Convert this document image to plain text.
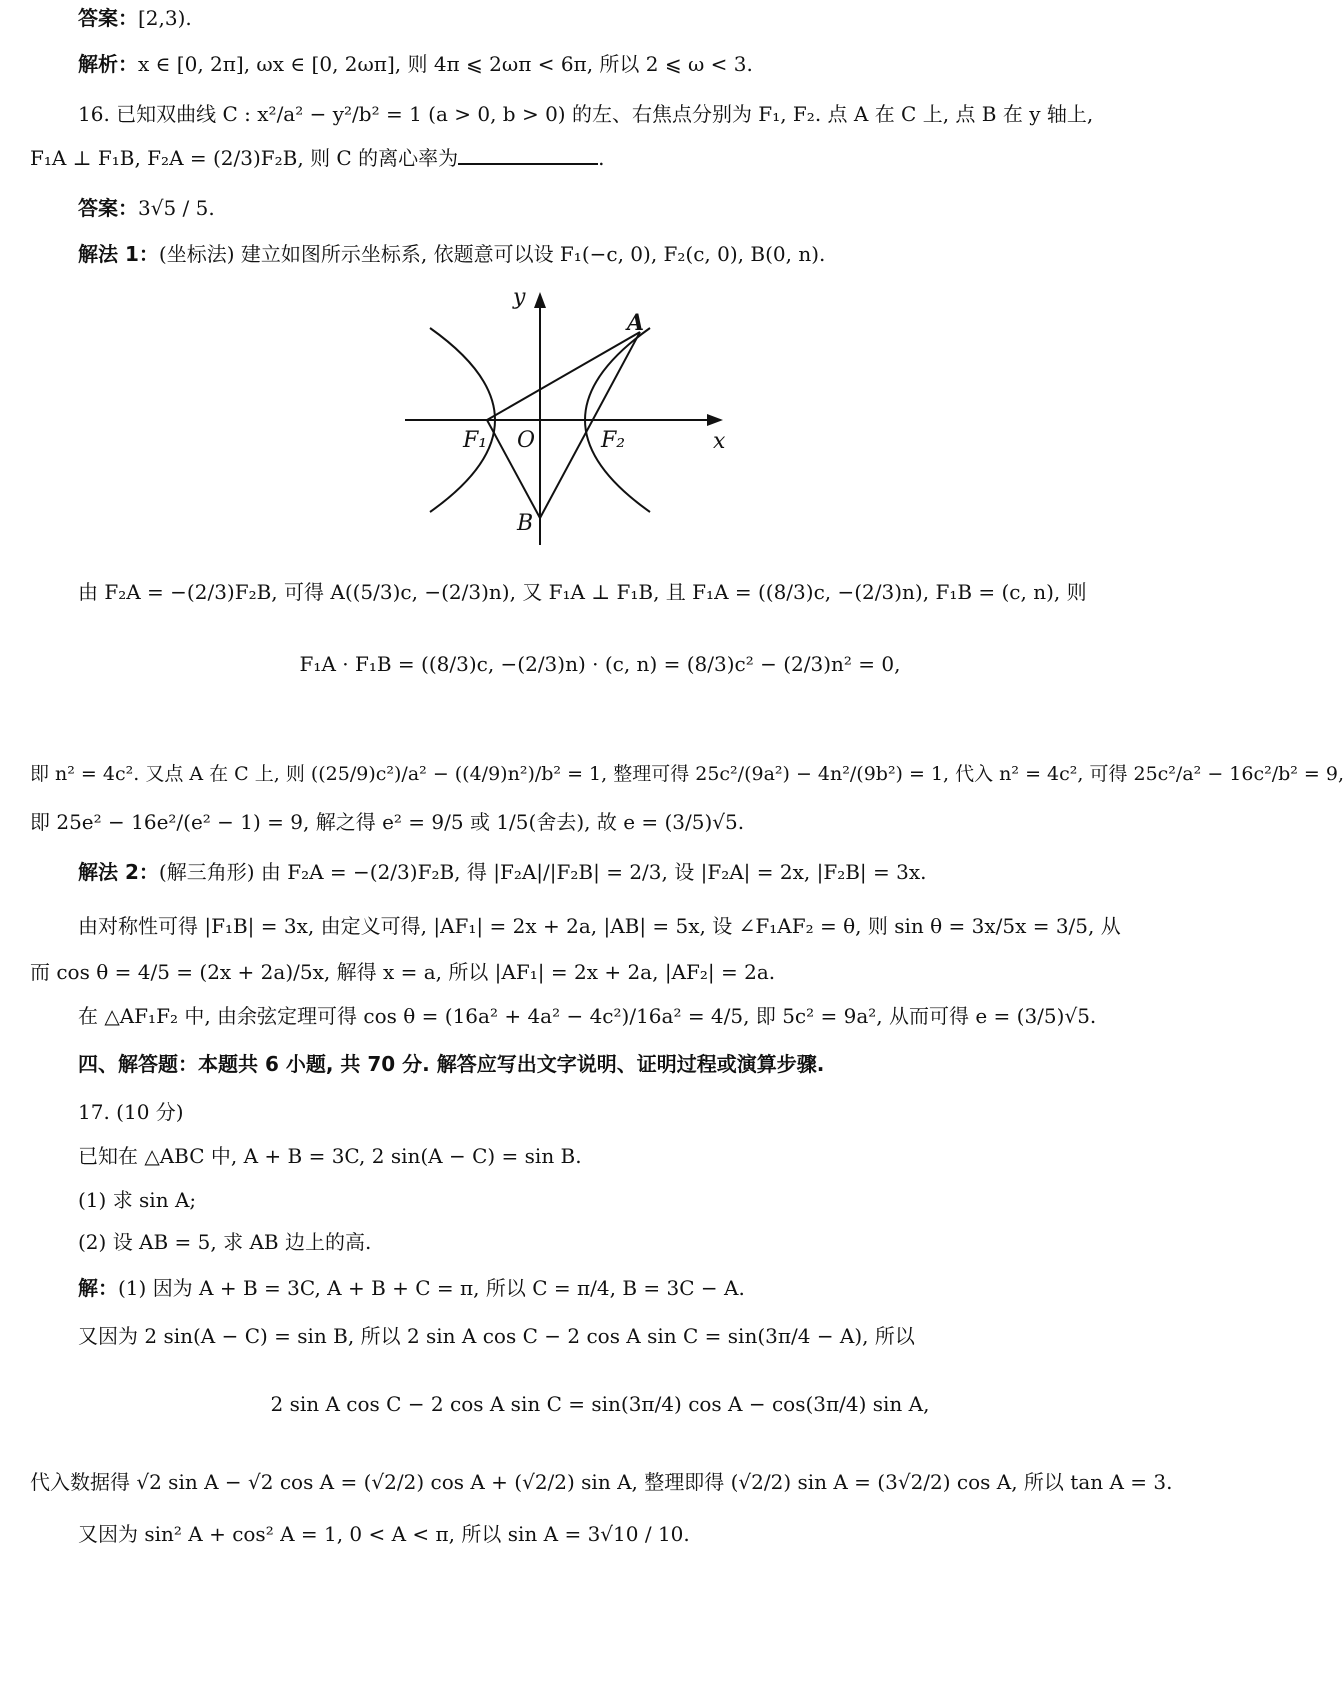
答案：[2,3).
解析：x ∈ [0, 2π], ωx ∈ [0, 2ωπ], 则 4π ⩽ 2ωπ < 6π, 所以 2 ⩽ ω < 3.
16. 已知双曲线 C : x²/a² − y²/b² = 1 (a > 0, b > 0) 的左、右焦点分别为 F₁, F₂. 点 A 在 C 上, 点 B 在 y 轴上,
F₁A ⊥ F₁B, F₂A = (2/3)F₂B, 则 C 的离心率为	.
答案：3√5 / 5.
解法 1：(坐标法) 建立如图所示坐标系, 依题意可以设 F₁(−c, 0), F₂(c, 0), B(0, n).
y
x
A
B
O
F₁	F₂
由 F₂A = −(2/3)F₂B, 可得 A((5/3)c, −(2/3)n), 又 F₁A ⊥ F₁B, 且 F₁A = ((8/3)c, −(2/3)n), F₁B = (c, n), 则
F₁A · F₁B = ((8/3)c, −(2/3)n) · (c, n) = (8/3)c² − (2/3)n² = 0,
即 n² = 4c². 又点 A 在 C 上, 则 ((25/9)c²)/a² − ((4/9)n²)/b² = 1, 整理可得 25c²/(9a²) − 4n²/(9b²) = 1, 代入 n² = 4c², 可得 25c²/a² − 16c²/b² = 9,
即 25e² − 16e²/(e² − 1) = 9, 解之得 e² = 9/5 或 1/5(舍去), 故 e = (3/5)√5.
解法 2：(解三角形) 由 F₂A = −(2/3)F₂B, 得 |F₂A|/|F₂B| = 2/3, 设 |F₂A| = 2x, |F₂B| = 3x.
由对称性可得 |F₁B| = 3x, 由定义可得, |AF₁| = 2x + 2a, |AB| = 5x, 设 ∠F₁AF₂ = θ, 则 sin θ = 3x/5x = 3/5, 从
而 cos θ = 4/5 = (2x + 2a)/5x, 解得 x = a, 所以 |AF₁| = 2x + 2a, |AF₂| = 2a.
在 △AF₁F₂ 中, 由余弦定理可得 cos θ = (16a² + 4a² − 4c²)/16a² = 4/5, 即 5c² = 9a², 从而可得 e = (3/5)√5.
四、解答题：本题共 6 小题, 共 70 分. 解答应写出文字说明、证明过程或演算步骤.
17. (10 分)
已知在 △ABC 中, A + B = 3C, 2 sin(A − C) = sin B.
(1) 求 sin A;
(2) 设 AB = 5, 求 AB 边上的高.
解：(1) 因为 A + B = 3C, A + B + C = π, 所以 C = π/4, B = 3C − A.
又因为 2 sin(A − C) = sin B, 所以 2 sin A cos C − 2 cos A sin C = sin(3π/4 − A), 所以
2 sin A cos C − 2 cos A sin C = sin(3π/4) cos A − cos(3π/4) sin A,
代入数据得 √2 sin A − √2 cos A = (√2/2) cos A + (√2/2) sin A, 整理即得 (√2/2) sin A = (3√2/2) cos A, 所以 tan A = 3.
又因为 sin² A + cos² A = 1, 0 < A < π, 所以 sin A = 3√10 / 10.
